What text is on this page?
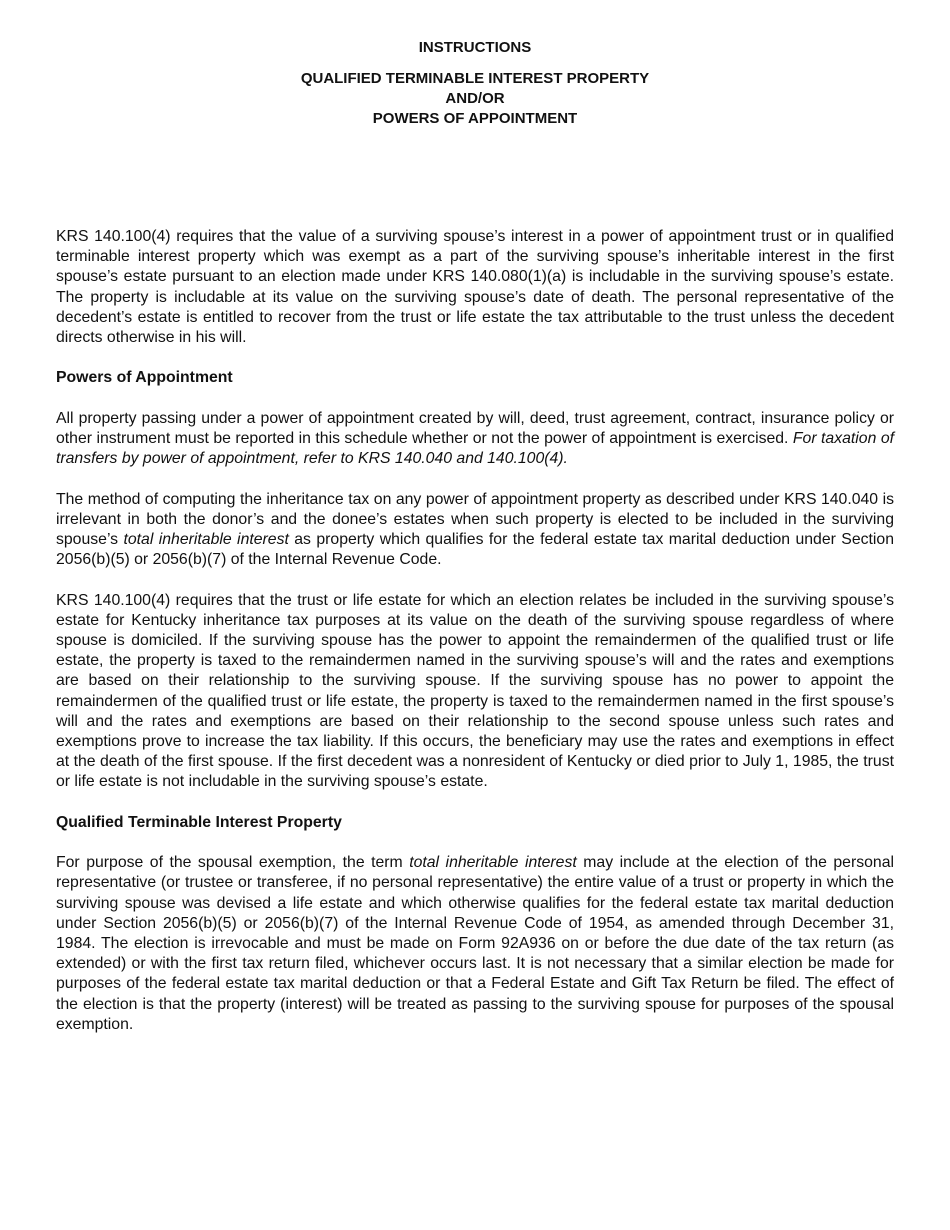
INSTRUCTIONS
QUALIFIED TERMINABLE INTEREST PROPERTY
AND/OR
POWERS OF APPOINTMENT

KRS 140.100(4) requires that the value of a surviving spouse’s interest in a power of appointment trust or in qualified terminable interest property which was exempt as a part of the surviving spouse’s inheritable interest in the first spouse’s estate pursuant to an election made under KRS 140.080(1)(a) is includable in the surviving spouse’s estate. The property is includable at its value on the surviving spouse’s date of death. The personal representative of the decedent’s estate is entitled to recover from the trust or life estate the tax attributable to the trust unless the decedent directs otherwise in his will.

Powers of Appointment

All property passing under a power of appointment created by will, deed, trust agreement, contract, insurance policy or other instrument must be reported in this schedule whether or not the power of appointment is exercised. For taxation of transfers by power of appointment, refer to KRS 140.040 and 140.100(4).

The method of computing the inheritance tax on any power of appointment property as described under KRS 140.040 is irrelevant in both the donor’s and the donee’s estates when such property is elected to be included in the surviving spouse’s total inheritable interest as property which qualifies for the federal estate tax marital deduction under Section 2056(b)(5) or 2056(b)(7) of the Internal Revenue Code.

KRS 140.100(4) requires that the trust or life estate for which an election relates be included in the surviving spouse’s estate for Kentucky inheritance tax purposes at its value on the death of the surviving spouse regardless of where spouse is domiciled. If the surviving spouse has the power to appoint the remaindermen of the qualified trust or life estate, the property is taxed to the remaindermen named in the surviving spouse’s will and the rates and exemptions are based on their relationship to the surviving spouse. If the surviving spouse has no power to appoint the remaindermen of the qualified trust or life estate, the property is taxed to the remaindermen named in the first spouse’s will and the rates and exemptions are based on their relationship to the second spouse unless such rates and exemptions prove to increase the tax liability. If this occurs, the beneficiary may use the rates and exemptions in effect at the death of the first spouse. If the first decedent was a nonresident of Kentucky or died prior to July 1, 1985, the trust or life estate is not includable in the surviving spouse’s estate.

Qualified Terminable Interest Property

For purpose of the spousal exemption, the term total inheritable interest may include at the election of the personal representative (or trustee or transferee, if no personal representative) the entire value of a trust or property in which the surviving spouse was devised a life estate and which otherwise qualifies for the federal estate tax marital deduction under Section 2056(b)(5) or 2056(b)(7) of the Internal Revenue Code of 1954, as amended through December 31, 1984. The election is irrevocable and must be made on Form 92A936 on or before the due date of the tax return (as extended) or with the first tax return filed, whichever occurs last. It is not necessary that a similar election be made for purposes of the federal estate tax marital deduction or that a Federal Estate and Gift Tax Return be filed. The effect of the election is that the property (interest) will be treated as passing to the surviving spouse for purposes of the spousal exemption.
